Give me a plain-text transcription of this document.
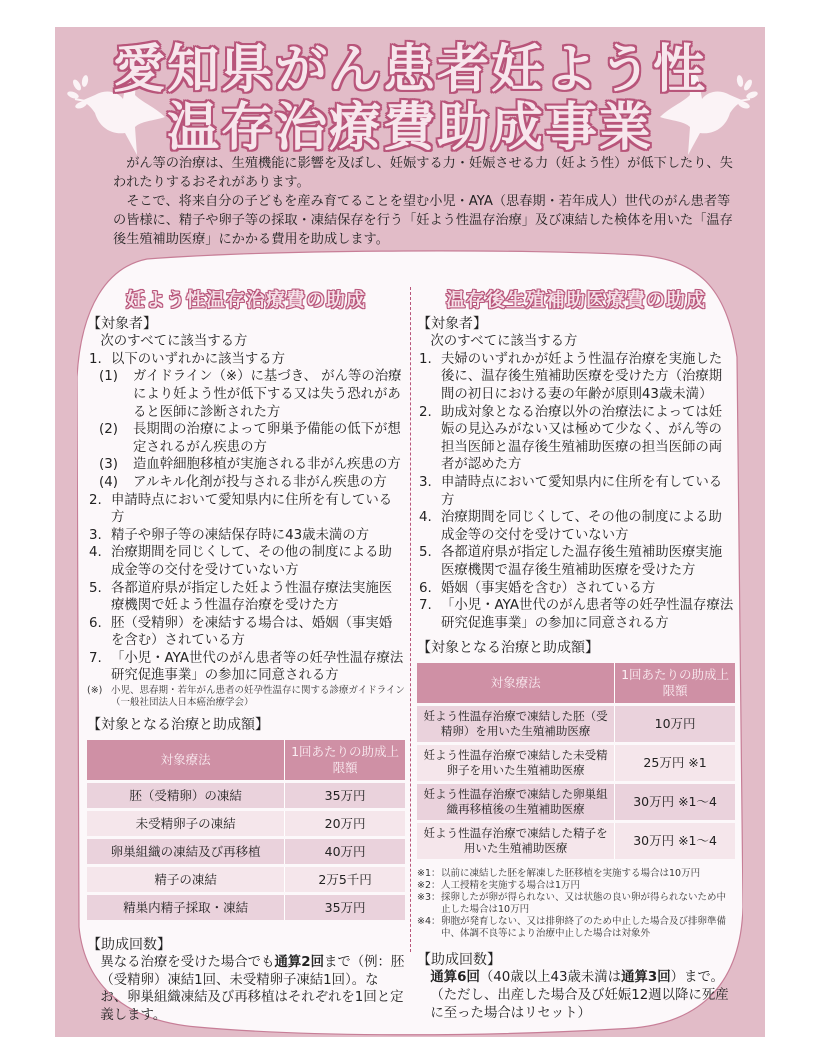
愛知県がん患者妊よう性
温存治療費助成事業

がん等の治療は、生殖機能に影響を及ぼし、妊娠する力・妊娠させる力（妊よう性）が低下したり、失われたりするおそれがあります。

そこで、将来自分の子どもを産み育てることを望む小児・AYA（思春期・若年成人）世代のがん患者等の皆様に、精子や卵子等の採取・凍結保存を行う「妊よう性温存治療」及び凍結した検体を用いた「温存後生殖補助医療」にかかる費用を助成します。

妊よう性温存治療費の助成
【対象者】
次のすべてに該当する方
1. 以下のいずれかに該当する方
(1)	ガイドライン（※）に基づき、 がん等の治療により妊よう性が低下する又は失う恐れがあると医師に診断された方
(2)	長期間の治療によって卵巣予備能の低下が想定されるがん疾患の方
(3)	造血幹細胞移植が実施される非がん疾患の方
(4)	アルキル化剤が投与される非がん疾患の方
2. 申請時点において愛知県内に住所を有している方
3. 精子や卵子等の凍結保存時に43歳未満の方
4. 治療期間を同じくして、その他の制度による助成金等の交付を受けていない方
5. 各都道府県が指定した妊よう性温存療法実施医療機関で妊よう性温存治療を受けた方
6. 胚（受精卵）を凍結する場合は、婚姻（事実婚を含む）されている方
7. 「小児・AYA世代のがん患者等の妊孕性温存療法研究促進事業」の参加に同意される方
(※) 小児、思春期・若年がん患者の妊孕性温存に関する診療ガイドライン（一般社団法人日本癌治療学会）
【対象となる治療と助成額】
対象療法	1回あたりの助成上限額
胚（受精卵）の凍結	35万円
未受精卵子の凍結	20万円
卵巣組織の凍結及び再移植	40万円
精子の凍結	2万5千円
精巣内精子採取・凍結	35万円
【助成回数】
異なる治療を受けた場合でも通算2回まで（例：胚（受精卵）凍結1回、未受精卵子凍結1回）。なお、卵巣組織凍結及び再移植はそれぞれを1回と定義します。
温存後生殖補助医療費の助成
【対象者】
次のすべてに該当する方
1. 夫婦のいずれかが妊よう性温存治療を実施した後に、温存後生殖補助医療を受けた方（治療期間の初日における妻の年齢が原則43歳未満）
2. 助成対象となる治療以外の治療法によっては妊娠の見込みがない又は極めて少なく、がん等の担当医師と温存後生殖補助医療の担当医師の両者が認めた方
3. 申請時点において愛知県内に住所を有している方
4. 治療期間を同じくして、その他の制度による助成金等の交付を受けていない方
5. 各都道府県が指定した温存後生殖補助医療実施医療機関で温存後生殖補助医療を受けた方
6. 婚姻（事実婚を含む）されている方
7. 「小児・AYA世代のがん患者等の妊孕性温存療法研究促進事業」の参加に同意される方
【対象となる治療と助成額】
対象療法	1回あたりの助成上限額
妊よう性温存治療で凍結した胚（受精卵）を用いた生殖補助医療	10万円
妊よう性温存治療で凍結した未受精卵子を用いた生殖補助医療	25万円 ※1
妊よう性温存治療で凍結した卵巣組織再移植後の生殖補助医療	30万円 ※1～4
妊よう性温存治療で凍結した精子を用いた生殖補助医療	30万円 ※1～4
※1： 以前に凍結した胚を解凍した胚移植を実施する場合は10万円
※2： 人工授精を実施する場合は1万円
※3： 採卵したが卵が得られない、又は状態の良い卵が得られないため中止した場合は10万円
※4： 卵胞が発育しない、又は排卵終了のため中止した場合及び排卵準備中、体調不良等により治療中止した場合は対象外
【助成回数】
通算6回（40歳以上43歳未満は通算3回）まで。
（ただし、出産した場合及び妊娠12週以降に死産に至った場合はリセット）
